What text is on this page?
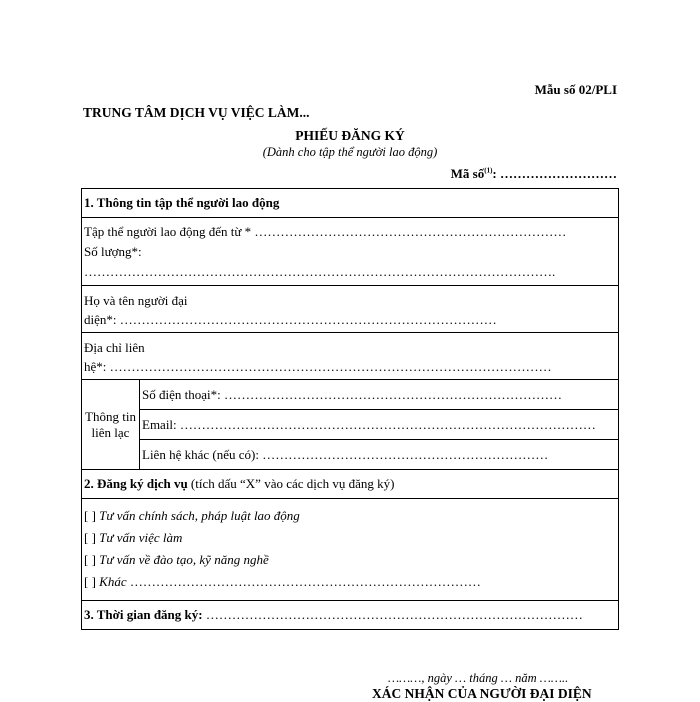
Mẫu số 02/PLI
TRUNG TÂM DỊCH VỤ VIỆC LÀM...
PHIẾU ĐĂNG KÝ
(Dành cho tập thể người lao động)
Mã số$^{(1)}$: ………………………
1. Thông tin tập thể người lao động

Tập thể người lao động đến từ * ………………………………………………………………
Số lượng*:
……………………………………………………………………………………………….

Họ và tên người đại
diện*: ……………………………………………………………………………

Địa chỉ liên
hệ*: …………………………………………………………………………………………

Thông tin liên lạc	Số điện thoại*: ……………………………………………………………………
Email: ……………………………………………………………………………………
Liên hệ khác (nếu có): …………………………………………………………
2. Đăng ký dịch vụ (tích dấu “X” vào các dịch vụ đăng ký)

[ ] Tư vấn chính sách, pháp luật lao động
[ ] Tư vấn việc làm
[ ] Tư vấn về đào tạo, kỹ năng nghề
[ ] Khác ………………………………………………………………………

3. Thời gian đăng ký: ……………………………………………………………………………
………, ngày … tháng … năm ……..
XÁC NHẬN CỦA NGƯỜI ĐẠI DIỆN
